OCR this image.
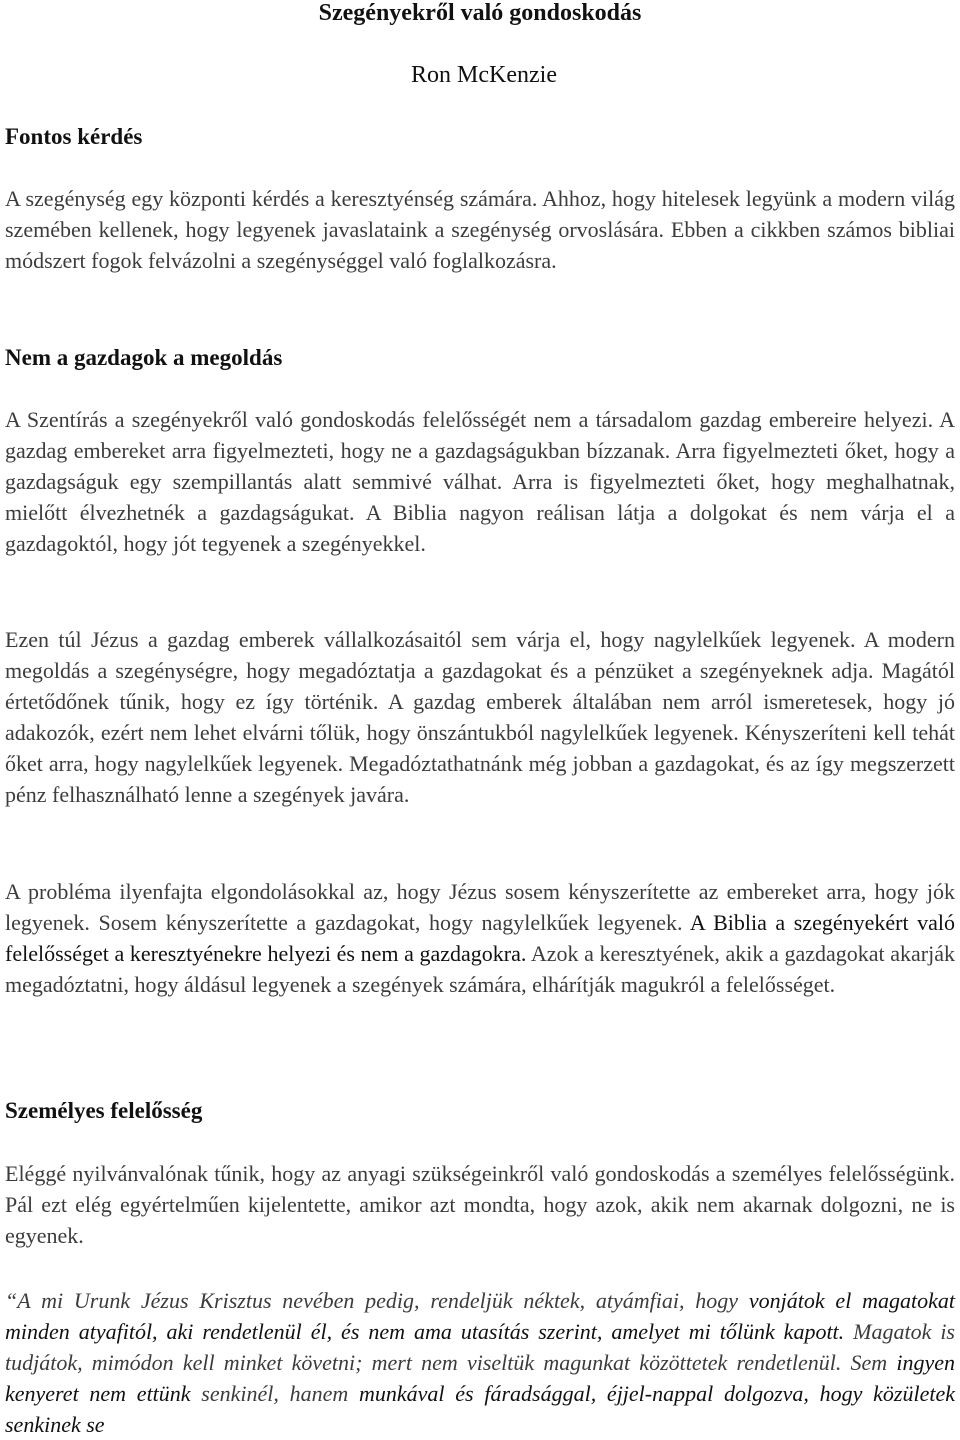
Szegényekről való gondoskodás
Ron McKenzie
Fontos kérdés

A szegénység egy központi kérdés a keresztyénség számára. Ahhoz, hogy hitelesek legyünk a modern világ szemében kellenek, hogy legyenek javaslataink a szegénység orvoslására. Ebben a cikkben számos bibliai módszert fogok felvázolni a szegénységgel való foglalkozásra.

Nem a gazdagok a megoldás

A Szentírás a szegényekről való gondoskodás felelősségét nem a társadalom gazdag embereire helyezi. A gazdag embereket arra figyelmezteti, hogy ne a gazdagságukban bízzanak. Arra figyelmezteti őket, hogy a gazdagságuk egy szempillantás alatt semmivé válhat. Arra is figyelmezteti őket, hogy meghalhatnak, mielőtt élvezhetnék a gazdagságukat. A Biblia nagyon reálisan látja a dolgokat és nem várja el a gazdagoktól, hogy jót tegyenek a szegényekkel.

Ezen túl Jézus a gazdag emberek vállalkozásaitól sem várja el, hogy nagylelkűek legyenek. A modern megoldás a szegénységre, hogy megadóztatja a gazdagokat és a pénzüket a szegényeknek adja. Magától értetődőnek tűnik, hogy ez így történik. A gazdag emberek általában nem arról ismeretesek, hogy jó adakozók, ezért nem lehet elvárni tőlük, hogy önszántukból nagylelkűek legyenek. Kényszeríteni kell tehát őket arra, hogy nagylelkűek legyenek. Megadóztathatnánk még jobban a gazdagokat, és az így megszerzett pénz felhasználható lenne a szegények javára.

A probléma ilyenfajta elgondolásokkal az, hogy Jézus sosem kényszerítette az embereket arra, hogy jók legyenek. Sosem kényszerítette a gazdagokat, hogy nagylelkűek legyenek. A Biblia a szegényekért való felelősséget a keresztyénekre helyezi és nem a gazdagokra. Azok a keresztyének, akik a gazdagokat akarják megadóztatni, hogy áldásul legyenek a szegények számára, elhárítják magukról a felelősséget.

Személyes felelősség

Eléggé nyilvánvalónak tűnik, hogy az anyagi szükségeinkről való gondoskodás a személyes felelősségünk. Pál ezt elég egyértelműen kijelentette, amikor azt mondta, hogy azok, akik nem akarnak dolgozni, ne is egyenek.

“A mi Urunk Jézus Krisztus nevében pedig, rendeljük néktek, atyámfiai, hogy vonjátok el magatokat minden atyafitól, aki rendetlenül él, és nem ama utasítás szerint, amelyet mi tőlünk kapott. Magatok is tudjátok, mimódon kell minket követni; mert nem viseltük magunkat közöttetek rendetlenül. Sem ingyen kenyeret nem ettünk senkinél, hanem munkával és fáradsággal, éjjel-nappal dolgozva, hogy közületek senkinek se
